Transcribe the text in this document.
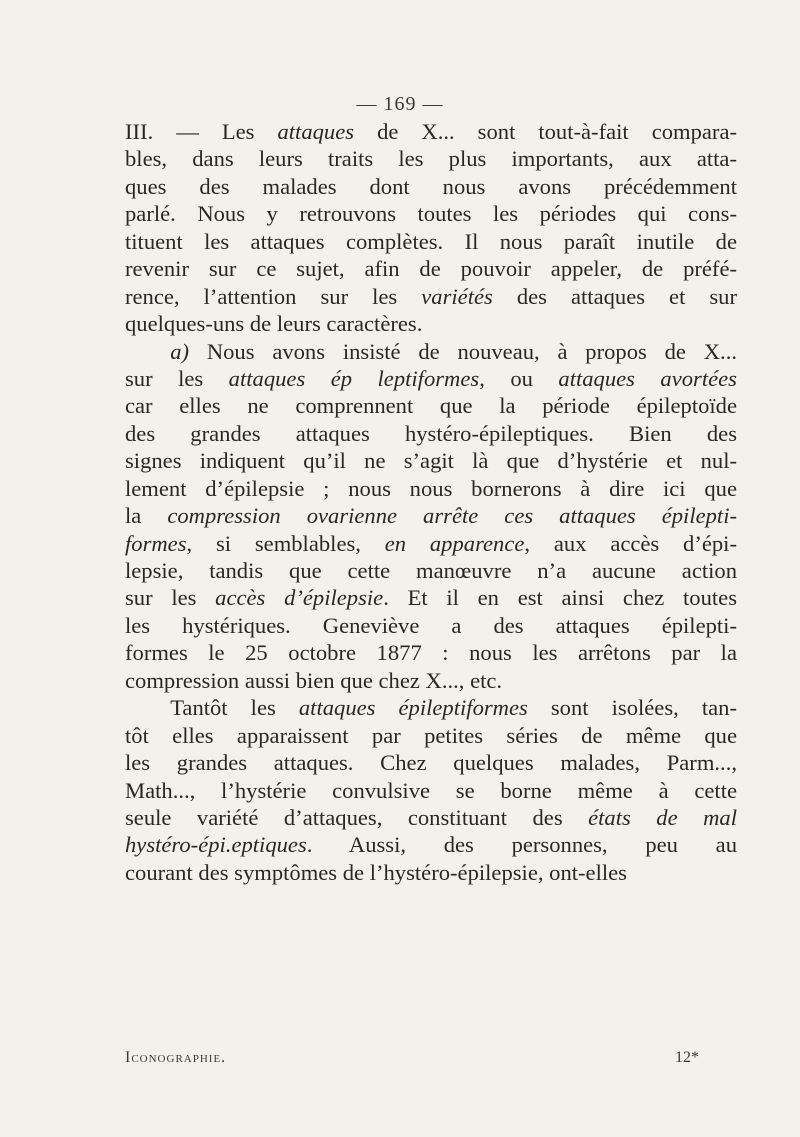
— 169 —
III. — Les attaques de X... sont tout-à-fait compara-
bles, dans leurs traits les plus importants, aux atta-
ques des malades dont nous avons précédemment
parlé. Nous y retrouvons toutes les périodes qui cons-
tituent les attaques complètes. Il nous paraît inutile de
revenir sur ce sujet, afin de pouvoir appeler, de préfé-
rence, l’attention sur les variétés des attaques et sur
quelques-uns de leurs caractères.
  a) Nous avons insisté de nouveau, à propos de X...
sur les attaques ép leptiformes, ou attaques avortées
car elles ne comprennent que la période épileptoïde
des grandes attaques hystéro-épileptiques. Bien des
signes indiquent qu’il ne s’agit là que d’hystérie et nul-
lement d’épilepsie ; nous nous bornerons à dire ici que
la compression ovarienne arrête ces attaques épilepti-
formes, si semblables, en apparence, aux accès d’épi-
lepsie, tandis que cette manœuvre n’a aucune action
sur les accès d’épilepsie. Et il en est ainsi chez toutes
les hystériques. Geneviève a des attaques épilepti-
formes le 25 octobre 1877 : nous les arrêtons par la
compression aussi bien que chez X..., etc.
  Tantôt les attaques épileptiformes sont isolées, tan-
tôt elles apparaissent par petites séries de même que
les grandes attaques. Chez quelques malades, Parm...,
Math..., l’hystérie convulsive se borne même à cette
seule variété d’attaques, constituant des états de mal
hystéro-épi.eptiques. Aussi, des personnes, peu au
courant des symptômes de l’hystéro-épilepsie, ont-elles
Iconographie.	12*
